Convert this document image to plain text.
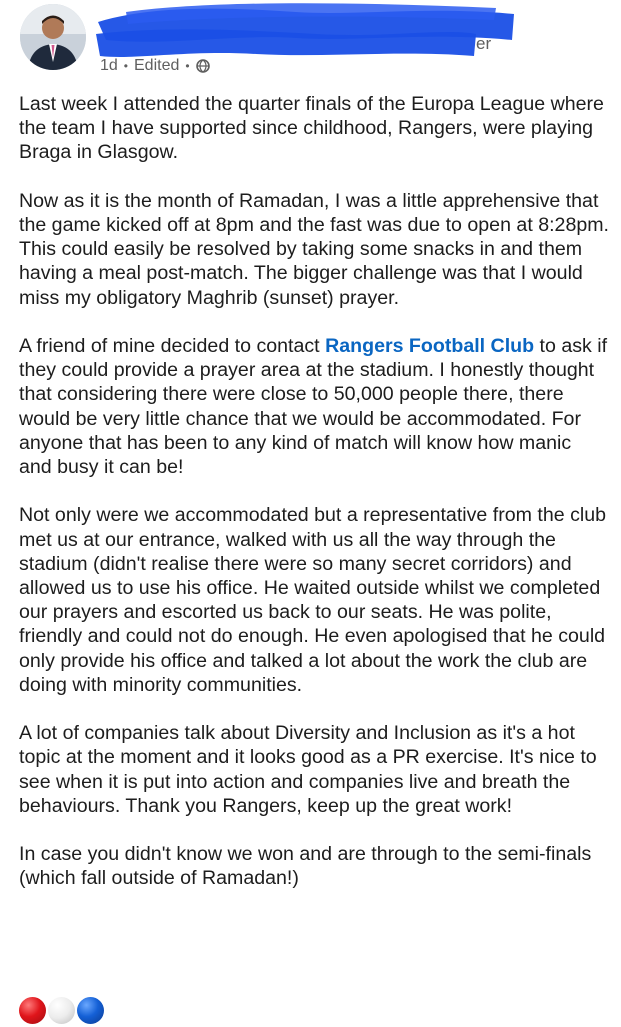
er
1d • Edited •

Last week I attended the quarter finals of the Europa League where the team I have supported since childhood, Rangers, were playing Braga in Glasgow.

Now as it is the month of Ramadan, I was a little apprehensive that the game kicked off at 8pm and the fast was due to open at 8:28pm. This could easily be resolved by taking some snacks in and them having a meal post-match. The bigger challenge was that I would miss my obligatory Maghrib (sunset) prayer.

A friend of mine decided to contact Rangers Football Club to ask if they could provide a prayer area at the stadium. I honestly thought that considering there were close to 50,000 people there, there would be very little chance that we would be accommodated. For anyone that has been to any kind of match will know how manic and busy it can be!

Not only were we accommodated but a representative from the club met us at our entrance, walked with us all the way through the stadium (didn't realise there were so many secret corridors) and allowed us to use his office. He waited outside whilst we completed our prayers and escorted us back to our seats. He was polite, friendly and could not do enough. He even apologised that he could only provide his office and talked a lot about the work the club are doing with minority communities.

A lot of companies talk about Diversity and Inclusion as it's a hot topic at the moment and it looks good as a PR exercise. It's nice to see when it is put into action and companies live and breath the behaviours. Thank you Rangers, keep up the great work!

In case you didn't know we won and are through to the semi-finals (which fall outside of Ramadan!)
